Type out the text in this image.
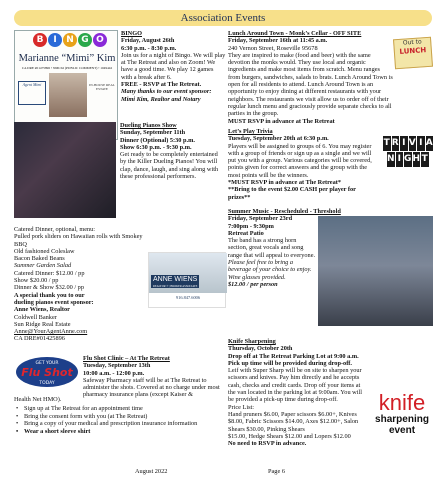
Association Events
B	I	N G O
Marianne “Mimi” Kim
CA DRE #01475896 • NMLS# (PUBLIC COMMENT) • 1049442
Agent Mimi	IN-HOUSE REAL ESTATE

BINGO

Friday, August 26th

6:30 p.m. - 8:30 p.m.

Join us for a night of Bingo. We will play at The Retreat and also on Zoom! We have a good time. We play 12 games with a break after 6.

FREE - RSVP at The Retreat.

Many thanks to our event sponsor: Mimi Kim, Realtor and Notary

Dueling Pianos Show

Sunday, September 11th

Dinner (Optional) 5:30 p.m.

Show 6:30 p.m. - 9:30 p.m.

Get ready to be completely entertained by the Killer Dueling Pianos! You will clap, dance, laugh, and sing along with these professional performers.

Catered Dinner, optional, menu:

Pulled pork sliders on Hawaiian rolls with Smokey BBQ

Old fashioned Coleslaw

Bacon Baked Beans

Summer Garden Salad

Catered Dinner: $12.00 / pp

Show $20.00 / pp

Dinner & Show $32.00 / pp

A special thank you to our

dueling pianos event sponsor:

Anne Wiens, Realtor

Coldwell Banker

Sun Ridge Real Estate

Anne@YourAgentAnne.com

CA DRE#01425896

ANNE WIENS
REALTOR ® | BROKER ASSOCIATE
916.847.6006
GET YOUR
Flu Shot
TODAY

Flu Shot Clinic – At The Retreat

Tuesday, September 13th

10:00 a.m. - 12:00 p.m.

Safeway Pharmacy staff will be at The Retreat to administer the shots. Covered at no charge under most pharmacy insurance plans (except Kaiser &

Health Net HMO).
• Sign up at The Retreat for an appointment time
• Bring the consent form with you (at The Retreat)
• Bring a copy of your medical and prescription insurance information
• Wear a short sleeve shirt

Lunch Around Town - Monk’s Cellar - OFF SITE

Friday, September 16th at 11:45 a.m.

240 Vernon Street, Roseville 95678

They are inspired to make (food and beer) with the same devotion the monks would. They use local and organic ingredients and make most items from scratch. Menu ranges from burgers, sandwiches, salads to brats. Lunch Around Town is open for all residents to attend. Lunch Around Town is an opportunity to enjoy dining at different restaurants with your neighbors. The restaurants we visit allow us to order off of their regular lunch menu and graciously provide separate checks to all parties in the group.

MUST RSVP in advance at The Retreat

Out to
LUNCH

Let’s Play Trivia

Tuesday, September 20th at 6:30 p.m.

Players will be assigned to groups of 6. You may register with a group of friends or sign up as a single and we will put you with a group. Various categories will be covered, points given for correct answers and the group with the most points will be the winners.

*MUST RSVP in advance at The Retreat*

**Bring to the event $2.00 CASH per player for prizes**

T R I V I A
N I G H T

Summer Music - Rescheduled - Threshold

Friday, September 23rd

7:00pm - 9:30pm

Retreat Patio

The band has a strong horn section, great vocals and song range that will appeal to everyone.

Please feel free to bring a beverage of your choice to enjoy. Wine glasses provided.

$12.00 / per person

Knife Sharpening

Thursday, October 20th

Drop off at The Retreat Parking Lot at 9:00 a.m.

Pick up time will be provided during drop-off.

Leif with Super Sharp will be on site to sharpen your scissors and knives. Pay him directly and he accepts cash, checks and credit cards. Drop off your items at the van located in the parking lot at 9:00am. You will be provided a pick-up time during drop-off.

Price List:

Hand pruners $6.00, Paper scissors $6.00+, Knives $8.00, Fabric Scissors $14.00, Axes $12.00+, Salon Shears $30.00, Pinking Shears

$15.00, Hedge Shears $12.00 and Lopers $12.00

No need to RSVP in advance.

knife
sharpening
event
August 2022	Page 6
